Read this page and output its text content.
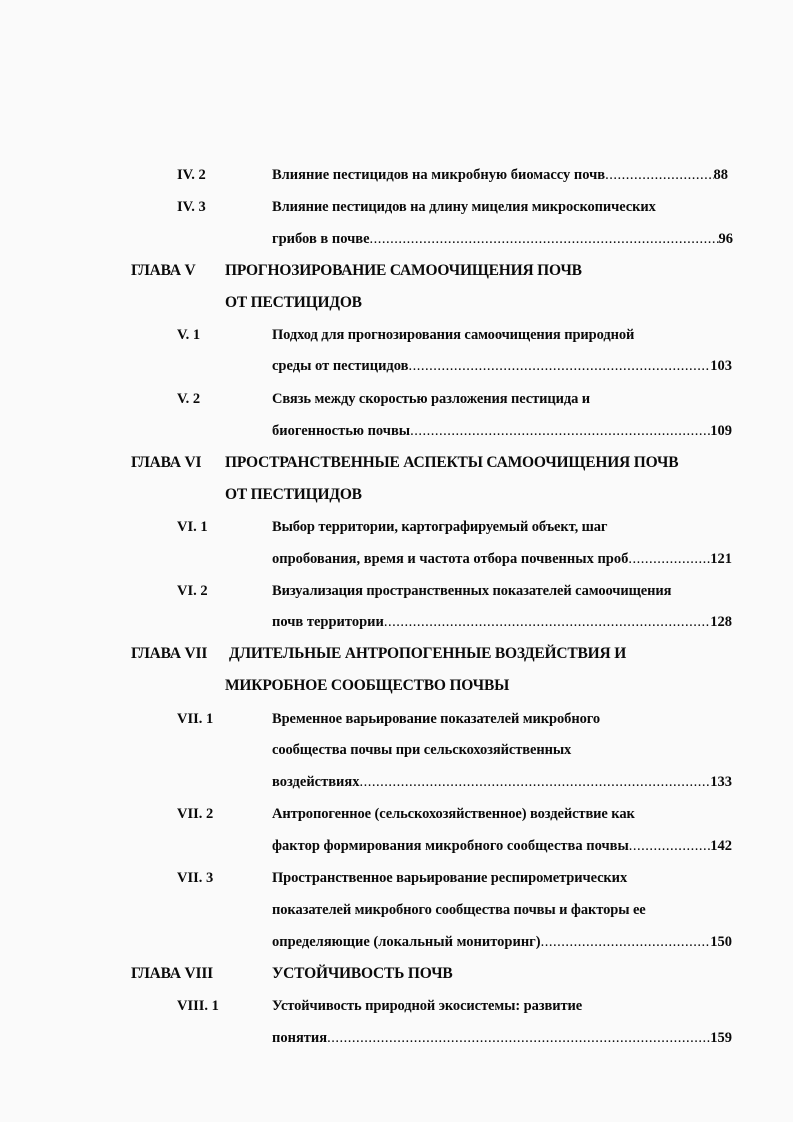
IV. 2	Влияние пестицидов на микробную биомассу почв .....	88
IV. 3	Влияние пестицидов на длину мицелия микроскопических
грибов в почве .....	96
ГЛАВА V ПРОГНОЗИРОВАНИЕ САМООЧИЩЕНИЯ ПОЧВ
ОТ ПЕСТИЦИДОВ
V. 1	Подход для прогнозирования самоочищения природной
среды от пестицидов .....	103
V. 2	Связь между скоростью разложения пестицида и
биогенностью почвы .....	109
ГЛАВА VI ПРОСТРАНСТВЕННЫЕ АСПЕКТЫ САМООЧИЩЕНИЯ ПОЧВ
ОТ ПЕСТИЦИДОВ
VI. 1	Выбор территории, картографируемый объект, шаг
опробования, время и частота отбора почвенных проб .....	121
VI. 2	Визуализация пространственных показателей самоочищения
почв территории .....	128
ГЛАВА VII ДЛИТЕЛЬНЫЕ АНТРОПОГЕННЫЕ ВОЗДЕЙСТВИЯ И
МИКРОБНОЕ СООБЩЕСТВО ПОЧВЫ
VII. 1	Временное варьирование показателей микробного
сообщества почвы при сельскохозяйственных
воздействиях .....	133
VII. 2	Антропогенное (сельскохозяйственное) воздействие как
фактор формирования микробного сообщества почвы .....	142
VII. 3	Пространственное варьирование респирометрических
показателей микробного сообщества почвы и факторы ее
определяющие (локальный мониторинг) .....	150
ГЛАВА VIII	УСТОЙЧИВОСТЬ ПОЧВ
VIII. 1	Устойчивость природной экосистемы: развитие
понятия .....	159
